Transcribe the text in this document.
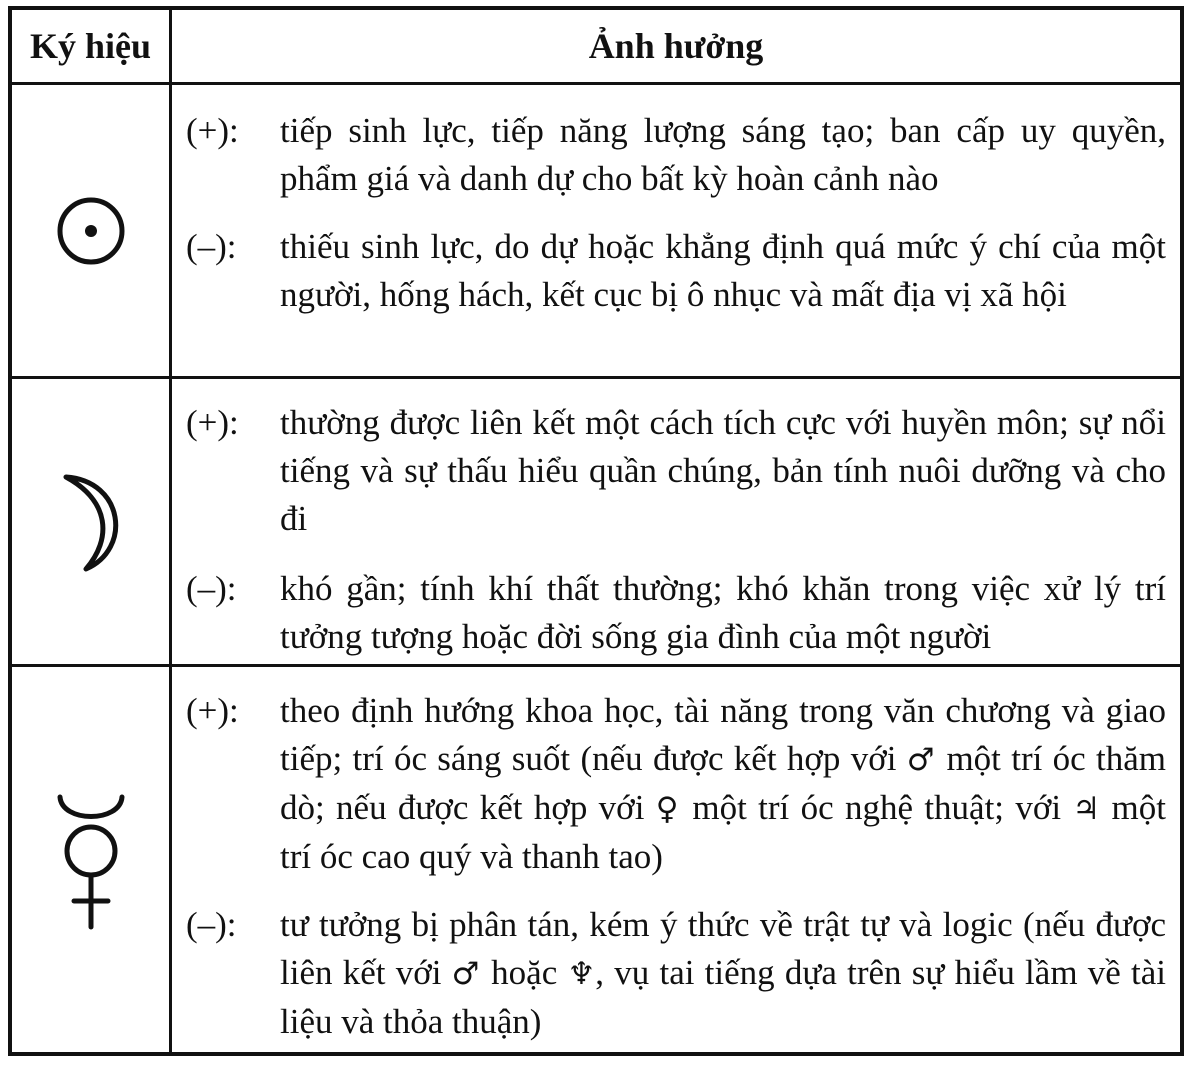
Ký hiệu	Ảnh hưởng
(+):	tiếp sinh lực, tiếp năng lượng sáng tạo; ban cấp uy quyền, phẩm giá và danh dự cho bất kỳ hoàn cảnh nào
(–):	thiếu sinh lực, do dự hoặc khẳng định quá mức ý chí của một người, hống hách, kết cục bị ô nhục và mất địa vị xã hội
(+):	thường được liên kết một cách tích cực với huyền môn; sự nổi tiếng và sự thấu hiểu quần chúng, bản tính nuôi dưỡng và cho đi
(–):	khó gần; tính khí thất thường; khó khăn trong việc xử lý trí tưởng tượng hoặc đời sống gia đình của một người
(+):	theo định hướng khoa học, tài năng trong văn chương và giao tiếp; trí óc sáng suốt (nếu được kết hợp với ♂ một trí óc thăm dò; nếu được kết hợp với ♀ một trí óc nghệ thuật; với ♃ một trí óc cao quý và thanh tao)
(–):	tư tưởng bị phân tán, kém ý thức về trật tự và logic (nếu được liên kết với ♂ hoặc ♆, vụ tai tiếng dựa trên sự hiểu lầm về tài liệu và thỏa thuận)
